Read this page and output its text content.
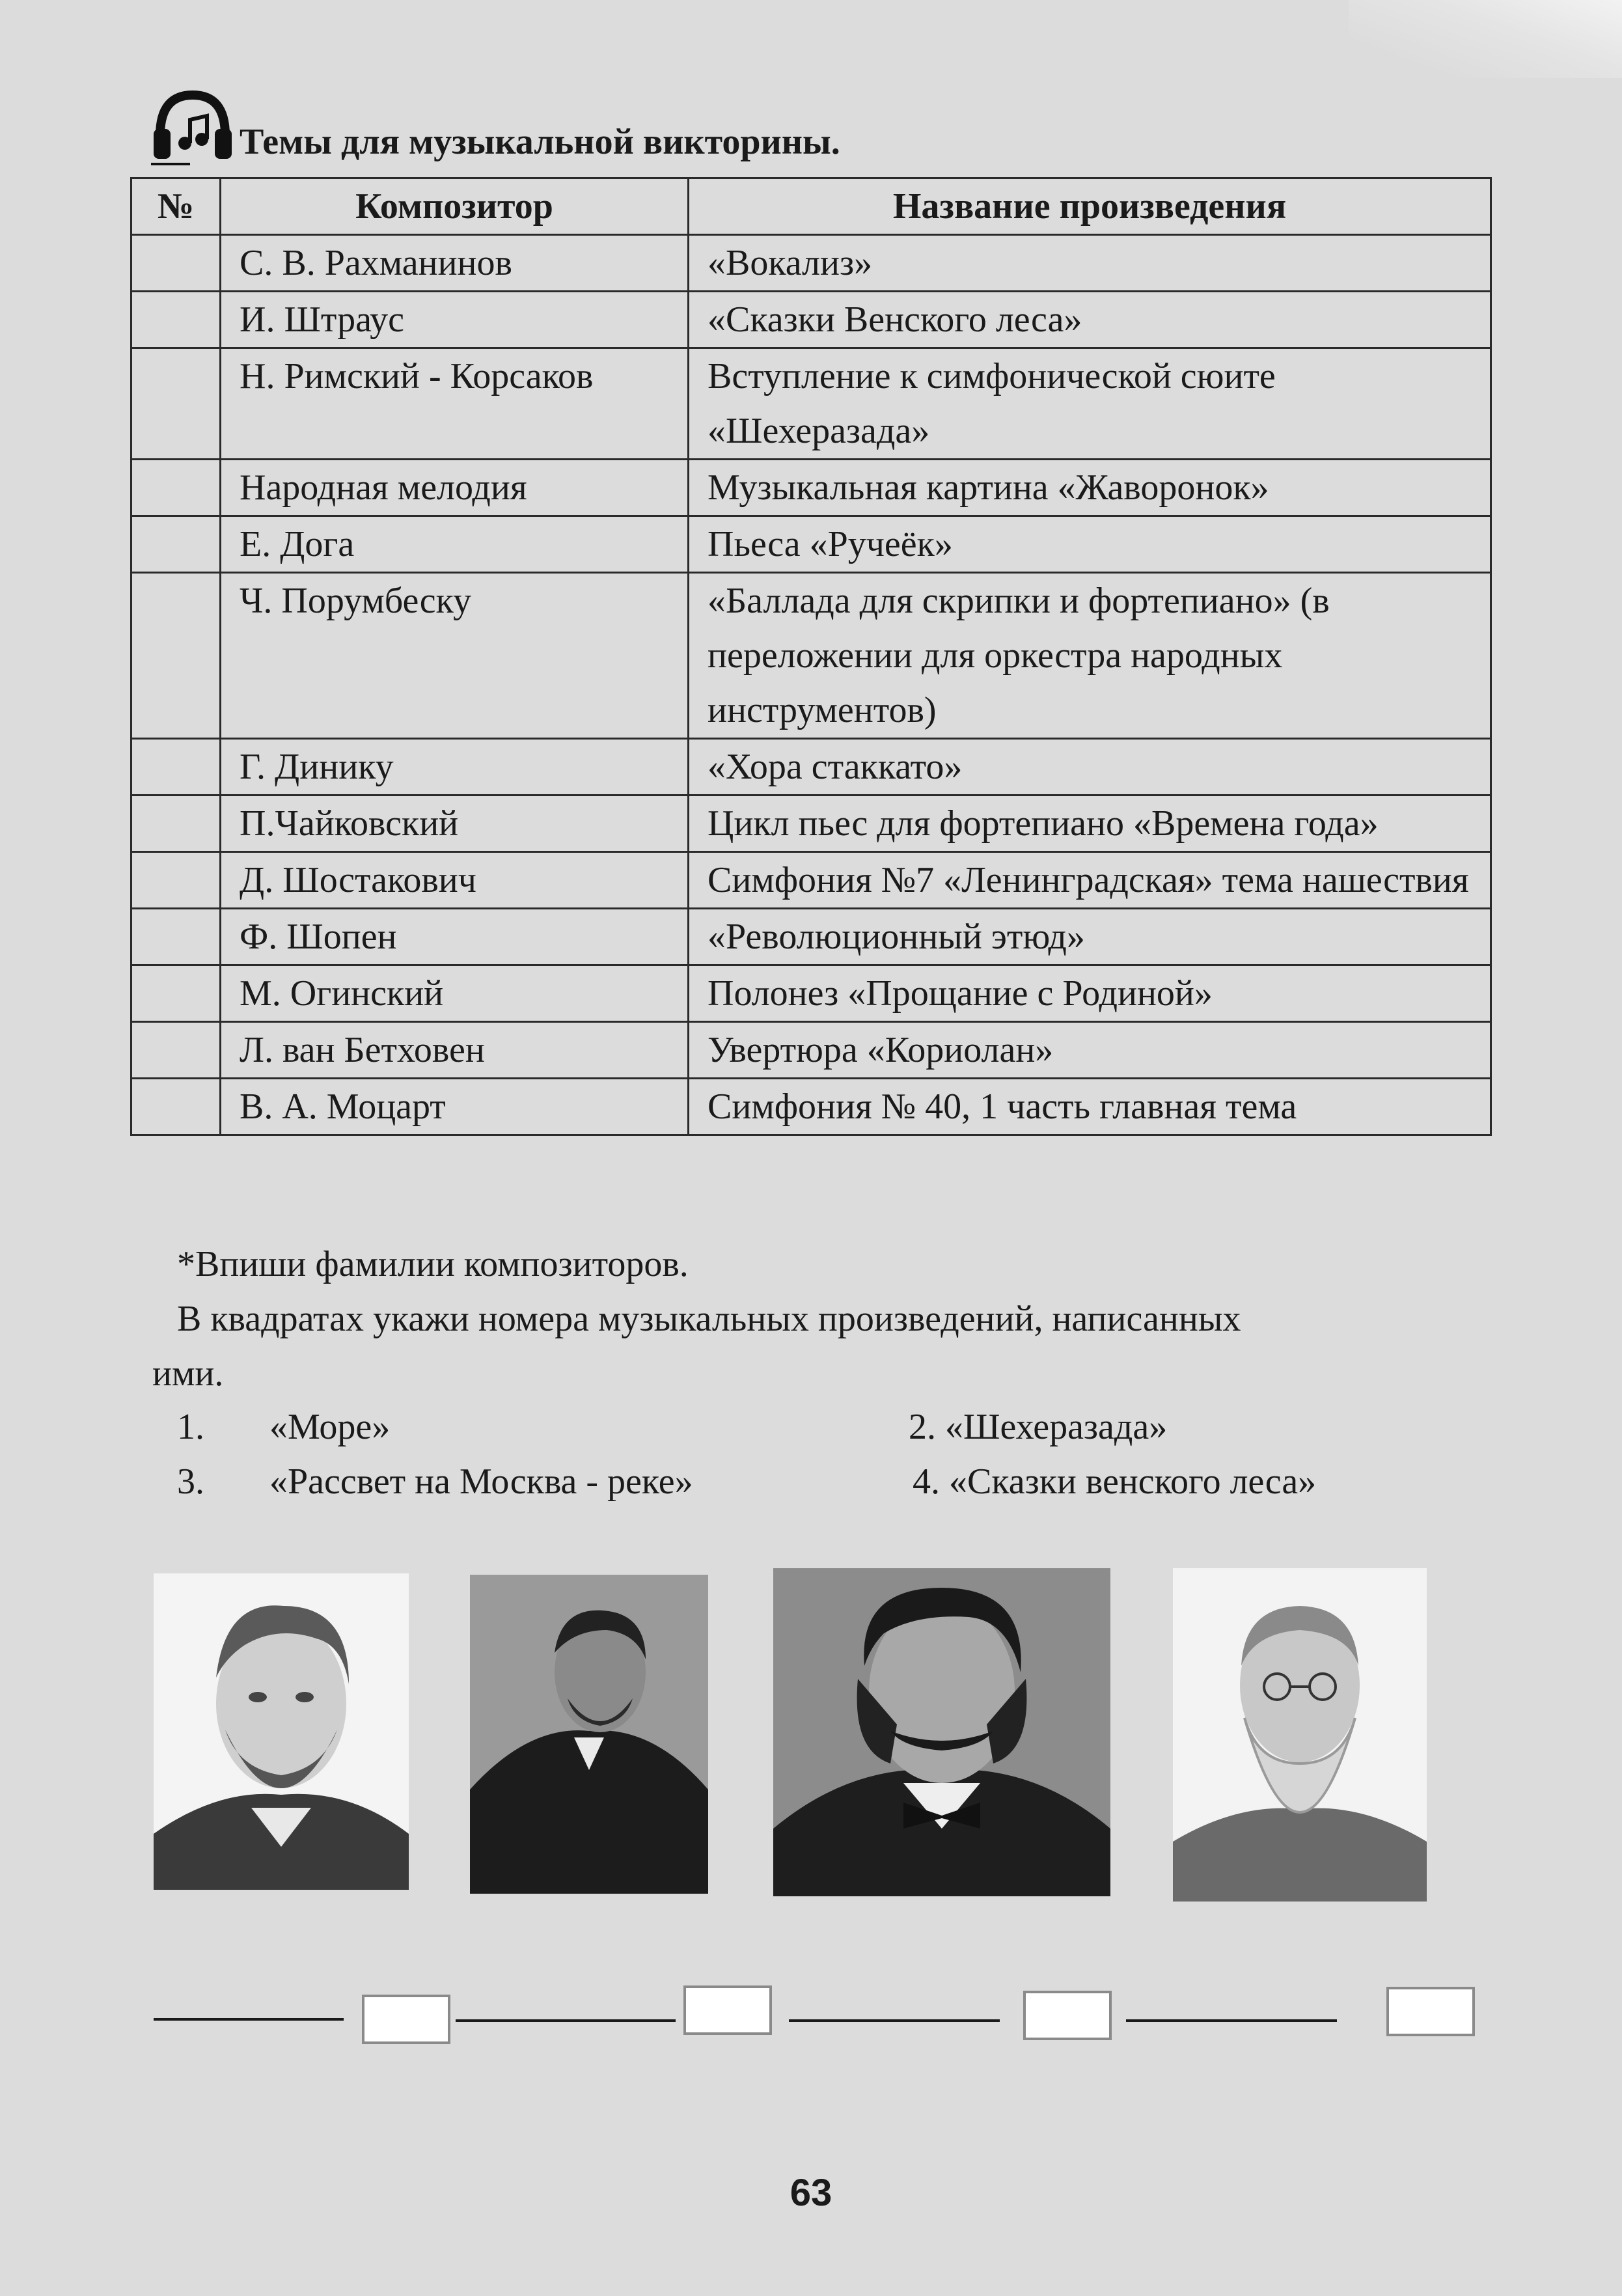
Темы для музыкальной викторины.
№	Композитор	Название произведения
	С. В. Рахманинов	«Вокализ»
	И. Штраус	«Сказки Венского леса»
	Н. Римский - Корсаков	Вступление к симфонической сюите «Шехеразада»
	Народная мелодия	Музыкальная картина «Жаворонок»
	Е. Дога	Пьеса «Ручеёк»
	Ч. Порумбеску	«Баллада для скрипки и фортепиано» (в переложении для оркестра народных инструментов)
	Г. Динику	«Хора стаккато»
	П.Чайковский	Цикл пьес для фортепиано «Времена года»
	Д. Шостакович	Симфония №7 «Ленинградская» тема нашествия
	Ф. Шопен	«Революционный этюд»
	М. Огинский	Полонез «Прощание с Родиной»
	Л. ван Бетховен	Увертюра «Кориолан»
	В. А. Моцарт	Симфония № 40, 1 часть главная тема
*Впиши фамилии композиторов.
В квадратах укажи номера музыкальных произведений, написанных
ими.
1. «Море»	2. «Шехеразада»
3. «Рассвет на Москва - реке»	4. «Сказки венского леса»
63
